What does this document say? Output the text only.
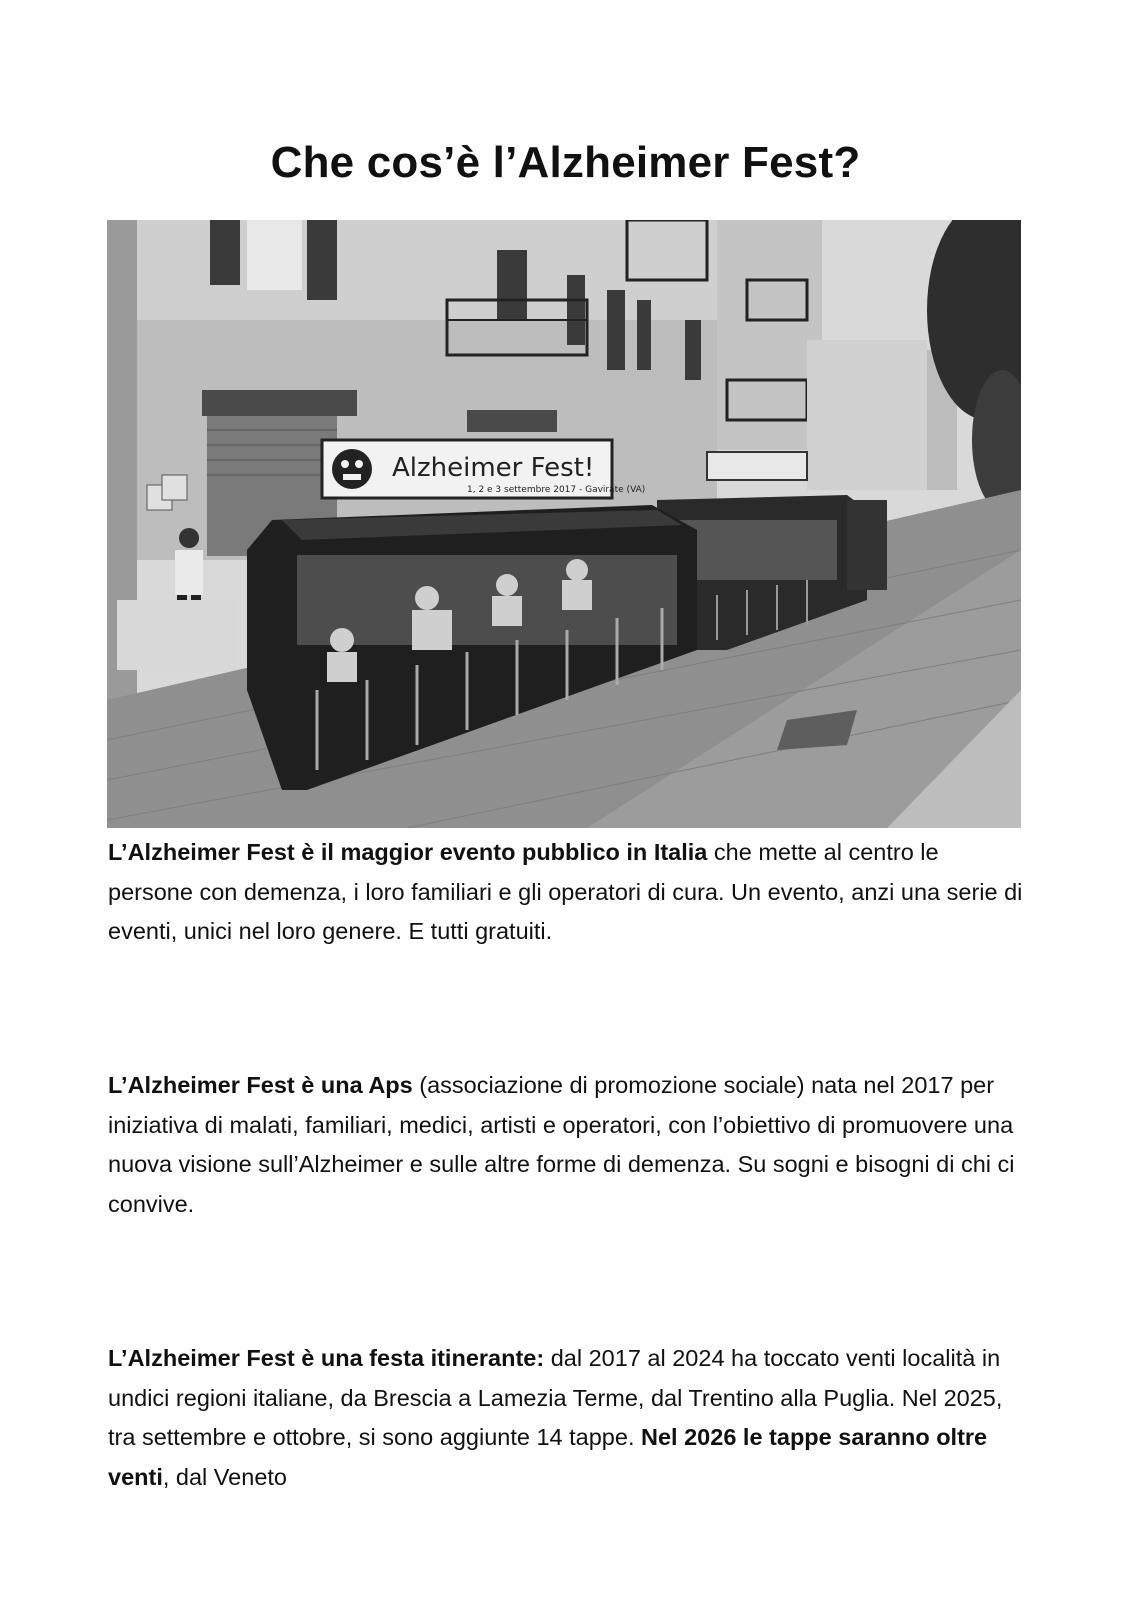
Che cos’è l’Alzheimer Fest?
Alzheimer Fest!
1, 2 e 3 settembre 2017 - Gavirate (VA)

L’Alzheimer Fest è il maggior evento pubblico in Italia che mette al centro le persone con demenza, i loro familiari e gli operatori di cura. Un evento, anzi una serie di eventi, unici nel loro genere. E tutti gratuiti.

L’Alzheimer Fest è una Aps (associazione di promozione sociale) nata nel 2017 per iniziativa di malati, familiari, medici, artisti e operatori, con l’obiettivo di promuovere una nuova visione sull’Alzheimer e sulle altre forme di demenza. Su sogni e bisogni di chi ci convive.

L’Alzheimer Fest è una festa itinerante: dal 2017 al 2024 ha toccato venti località in undici regioni italiane, da Brescia a Lamezia Terme, dal Trentino alla Puglia. Nel 2025, tra settembre e ottobre, si sono aggiunte 14 tappe. Nel 2026 le tappe saranno oltre venti, dal Veneto
